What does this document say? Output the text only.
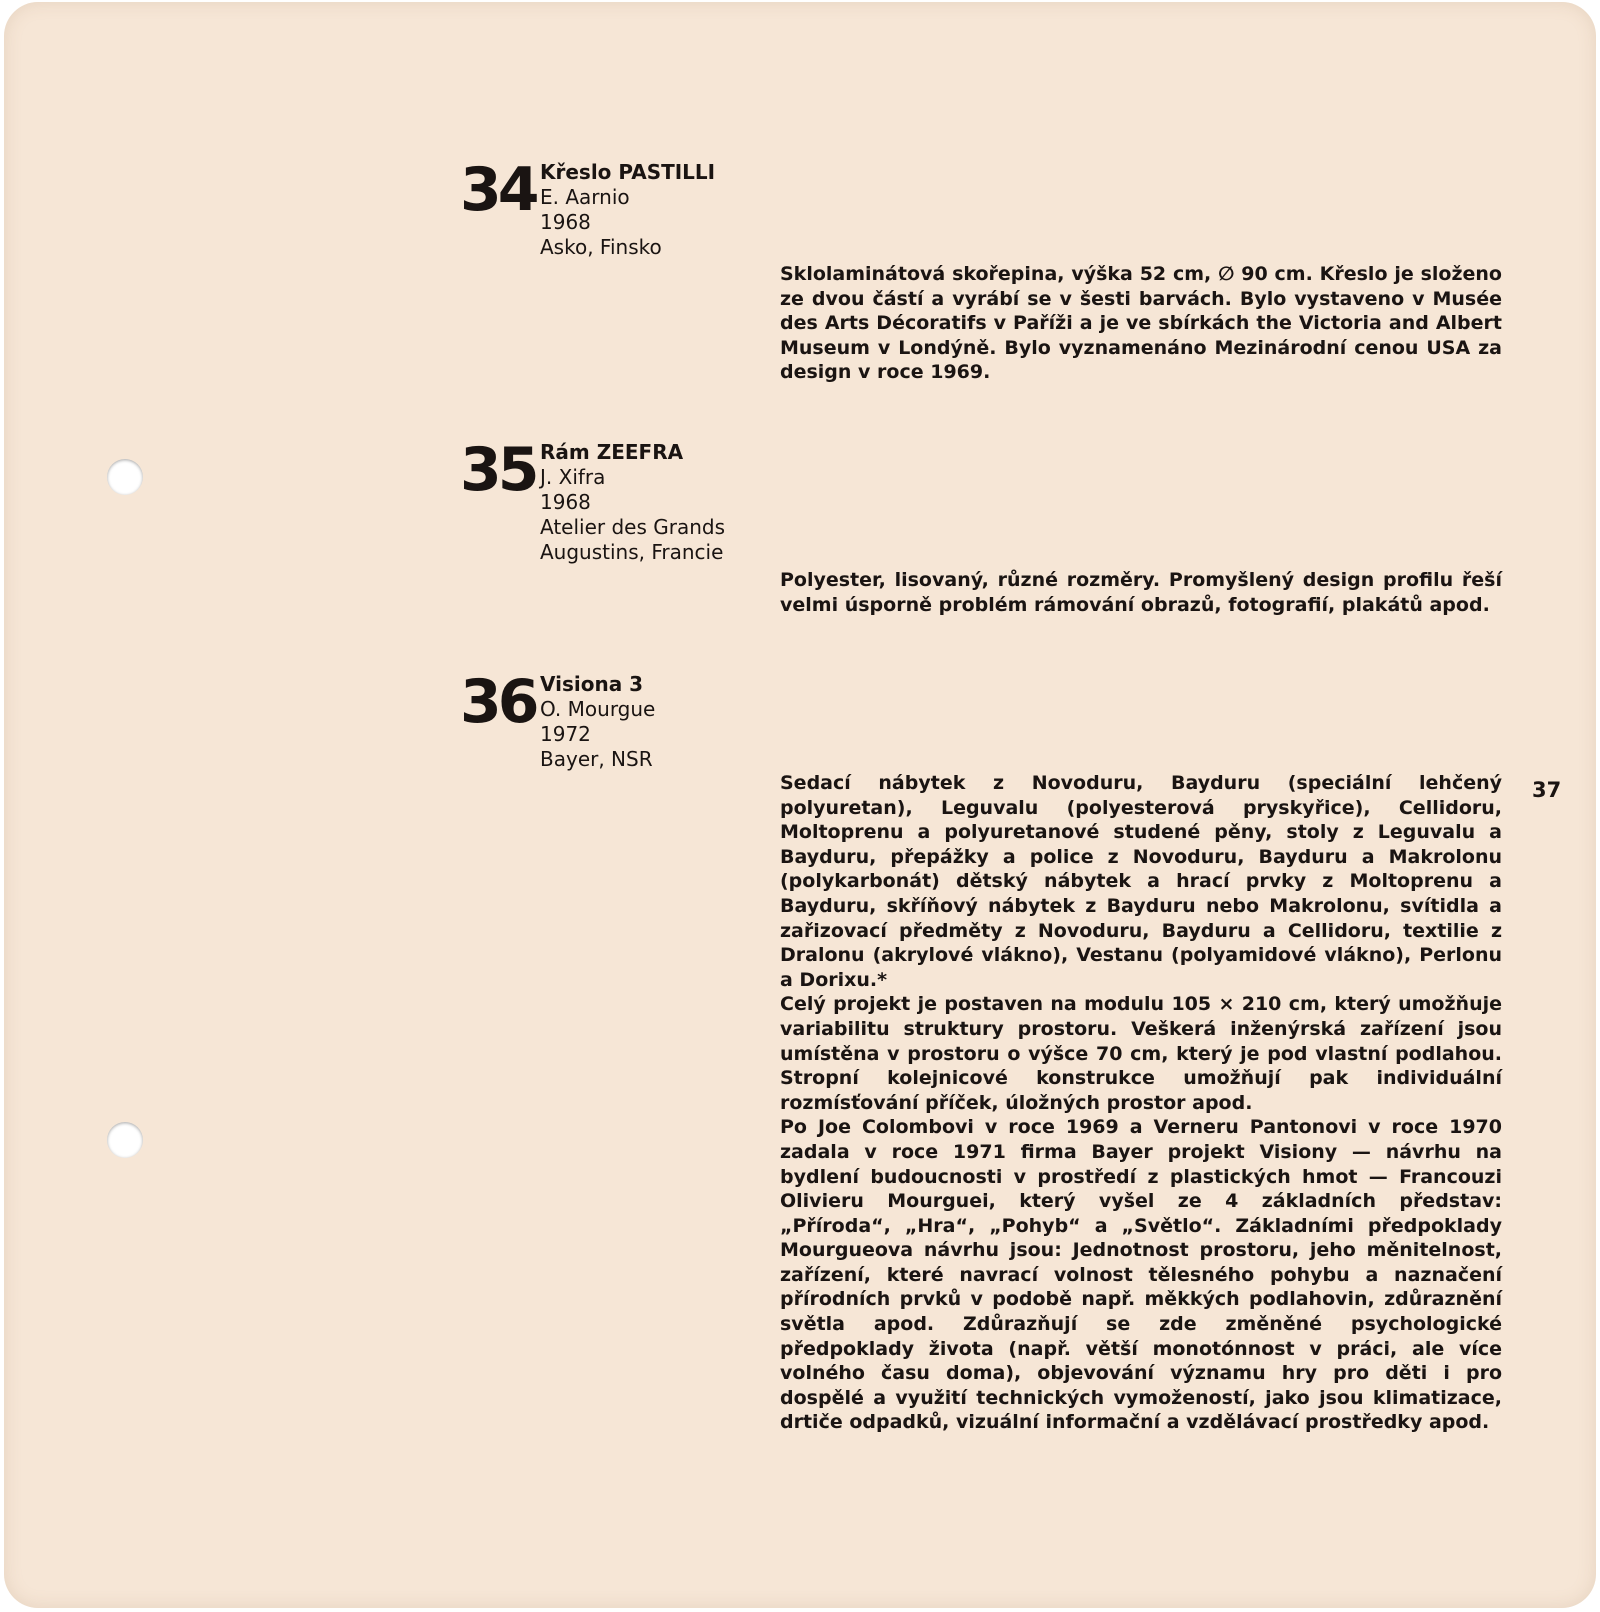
34 Křeslo PASTILLI
E. Aarnio
1968
Asko, Finsko

Sklolaminátová skořepina, výška 52 cm, ∅ 90 cm. Křeslo je složeno ze dvou částí a vyrábí se v šesti barvách. Bylo vystaveno v Musée des Arts Décoratifs v Paříži a je ve sbírkách the Victoria and Albert Museum v Londýně. Bylo vyznamenáno Mezinárodní cenou USA za design v roce 1969.

35 Rám ZEEFRA
J. Xifra
1968
Atelier des Grands
Augustins, Francie

Polyester, lisovaný, různé rozměry. Promyšlený design profilu řeší velmi úsporně problém rámování obrazů, fotografií, plakátů apod.

36 Visiona 3
O. Mourgue
1972
Bayer, NSR

Sedací nábytek z Novoduru, Bayduru (speciální lehčený polyuretan), Leguvalu (polyesterová pryskyřice), Cellidoru, Moltoprenu a polyuretanové studené pěny, stoly z Leguvalu a Bayduru, přepážky a police z Novoduru, Bayduru a Makrolonu (polykarbonát) dětský nábytek a hrací prvky z Moltoprenu a Bayduru, skříňový nábytek z Bayduru nebo Makrolonu, svítidla a zařizovací předměty z Novoduru, Bayduru a Cellidoru, textilie z Dralonu (akrylové vlákno), Vestanu (polyamidové vlákno), Perlonu a Dorixu.*

Celý projekt je postaven na modulu 105 × 210 cm, který umožňuje variabilitu struktury prostoru. Veškerá inženýrská zařízení jsou umístěna v prostoru o výšce 70 cm, který je pod vlastní podlahou. Stropní kolejnicové konstrukce umožňují pak individuální rozmísťování příček, úložných prostor apod.

Po Joe Colombovi v roce 1969 a Verneru Pantonovi v roce 1970 zadala v roce 1971 firma Bayer projekt Visiony — návrhu na bydlení budoucnosti v prostředí z plastických hmot — Francouzi Olivieru Mourguei, který vyšel ze 4 základních představ: „Příroda“, „Hra“, „Pohyb“ a „Světlo“. Základními předpoklady Mourgueova návrhu jsou: Jednotnost prostoru, jeho měnitelnost, zařízení, které navrací volnost tělesného pohybu a naznačení přírodních prvků v podobě např. měkkých podlahovin, zdůraznění světla apod. Zdůrazňují se zde změněné psychologické předpoklady života (např. větší monotónnost v práci, ale více volného času doma), objevování významu hry pro děti i pro dospělé a využití technických vymožeností, jako jsou klimatizace, drtiče odpadků, vizuální informační a vzdělávací prostředky apod.

37
